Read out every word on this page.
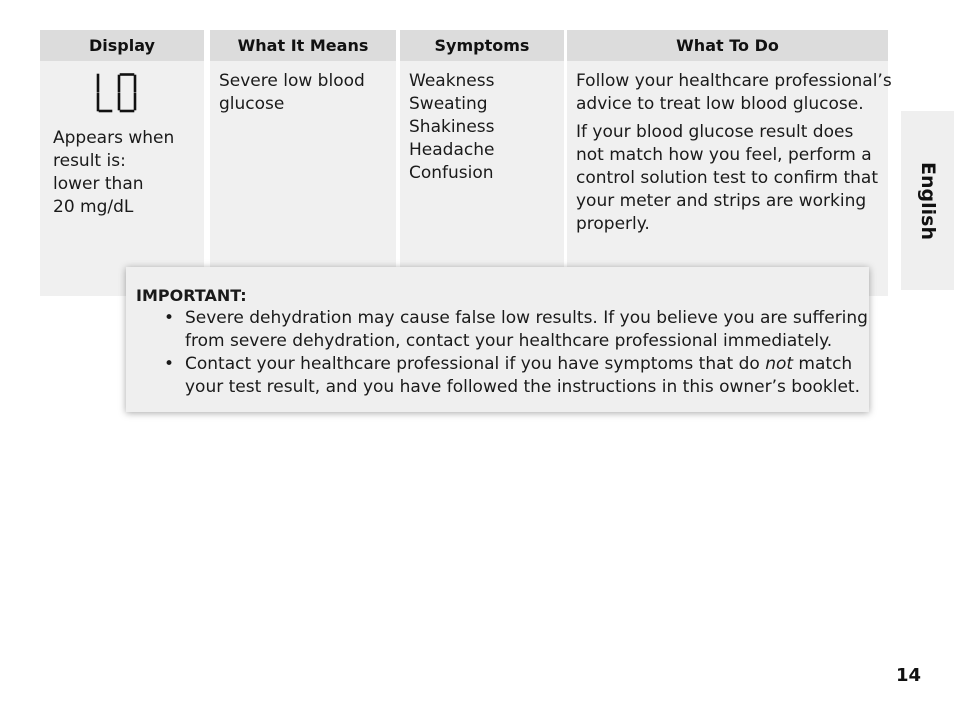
Display
Appears when
result is:
lower than
20 mg/dL
What It Means
Severe low blood
glucose
Symptoms
Weakness
Sweating
Shakiness
Headache
Confusion
What To Do
Follow your healthcare professional’s
advice to treat low blood glucose.
If your blood glucose result does
not match how you feel, perform a
control solution test to confirm that
your meter and strips are working
properly.	English
IMPORTANT:
• Severe dehydration may cause false low results. If you believe you are suffering
from severe dehydration, contact your healthcare professional immediately.
• Contact your healthcare professional if you have symptoms that do not match
your test result, and you have followed the instructions in this owner’s booklet.
14
